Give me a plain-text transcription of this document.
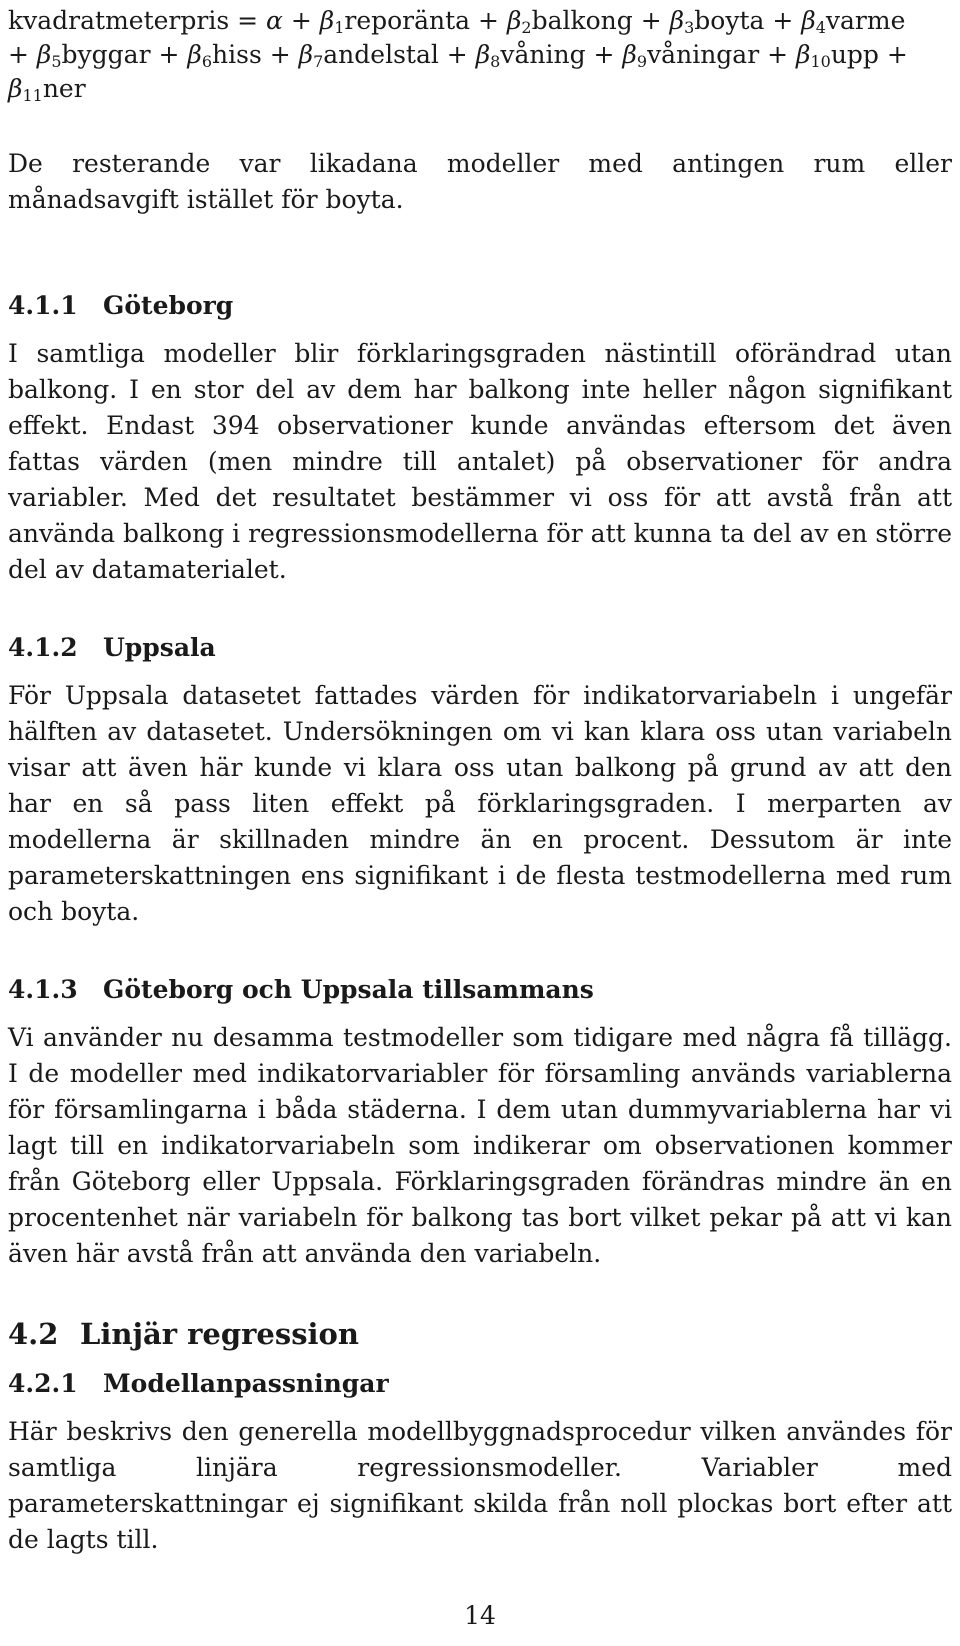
kvadratmeterpris = $\alpha + \beta_1reporänta$ + $\beta_2balkong$ + $\beta_3boyta$ + $\beta_4varme$
+ $\beta_5byggar$ + $\beta_6hiss$ + $\beta_7andelstal$ + $\beta_8våning$ + $\beta_9våningar + \beta_{10}upp$ +
$\beta_{11}ner$

De resterande var likadana modeller med antingen rum eller månadsavgift istället för boyta.

4.1.1 Göteborg

I samtliga modeller blir förklaringsgraden nästintill oförändrad utan balkong. I en stor del av dem har balkong inte heller någon signifikant effekt. Endast 394 observationer kunde användas eftersom det även fattas värden (men mindre till antalet) på observationer för andra variabler. Med det resultatet bestämmer vi oss för att avstå från att använda balkong i regressionsmodellerna för att kunna ta del av en större del av datamaterialet.

4.1.2 Uppsala

För Uppsala datasetet fattades värden för indikatorvariabeln i ungefär hälften av datasetet. Undersökningen om vi kan klara oss utan variabeln visar att även här kunde vi klara oss utan balkong på grund av att den har en så pass liten effekt på förklaringsgraden. I merparten av modellerna är skillnaden mindre än en procent. Dessutom är inte parameterskattningen ens signifikant i de flesta testmodellerna med rum och boyta.

4.1.3 Göteborg och Uppsala tillsammans

Vi använder nu desamma testmodeller som tidigare med några få tillägg. I de modeller med indikatorvariabler för församling används variablerna för församlingarna i båda städerna. I dem utan dummyvariablerna har vi lagt till en indikatorvariabeln som indikerar om observationen kommer från Göteborg eller Uppsala. Förklaringsgraden förändras mindre än en procentenhet när variabeln för balkong tas bort vilket pekar på att vi kan även här avstå från att använda den variabeln.

4.2 Linjär regression
4.2.1 Modellanpassningar

Här beskrivs den generella modellbyggnadsprocedur vilken användes för samtliga linjära regressionsmodeller. Variabler med parameterskattningar ej signifikant skilda från noll plockas bort efter att de lagts till.

14
